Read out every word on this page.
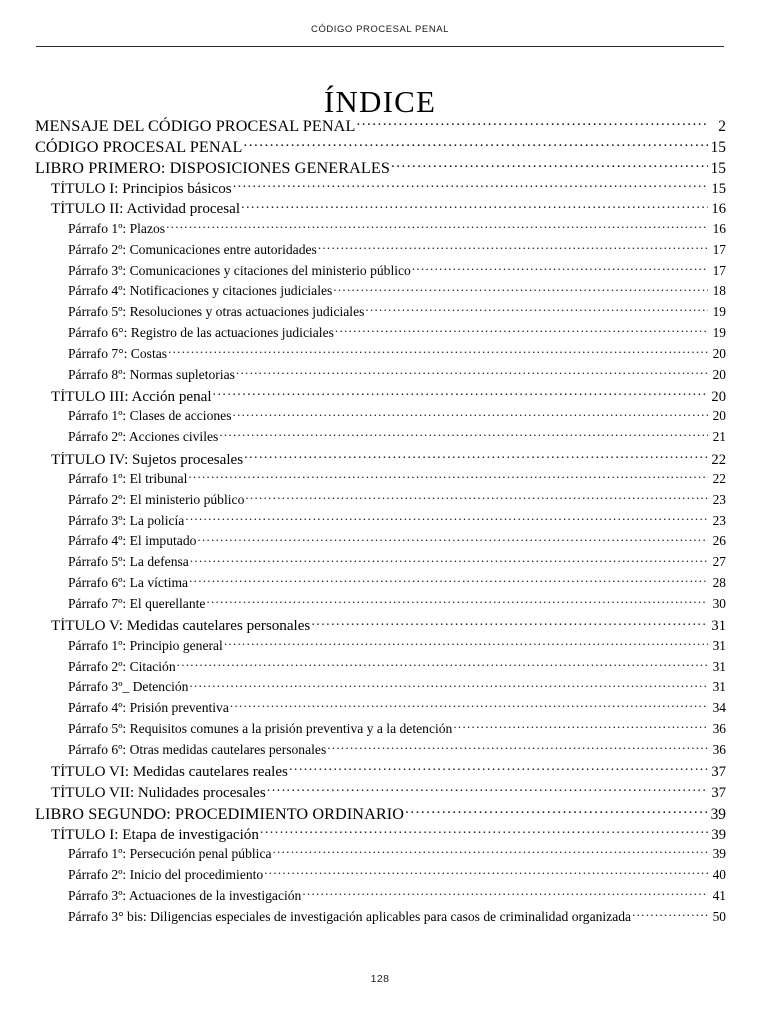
CÓDIGO PROCESAL PENAL
ÍNDICE
MENSAJE DEL CÓDIGO PROCESAL PENAL .....	2
CÓDIGO PROCESAL PENAL .....	15
LIBRO PRIMERO: DISPOSICIONES GENERALES .....	15
TÍTULO I: Principios básicos .....	15
TÍTULO II: Actividad procesal .....	16
Párrafo 1º: Plazos .....	16
Párrafo 2º: Comunicaciones entre autoridades .....	17
Párrafo 3º: Comunicaciones y citaciones del ministerio público .....	17
Párrafo 4º: Notificaciones y citaciones judiciales .....	18
Párrafo 5º: Resoluciones y otras actuaciones judiciales .....	19
Párrafo 6°: Registro de las actuaciones judiciales .....	19
Párrafo 7°: Costas .....	20
Párrafo 8º: Normas supletorias .....	20
TÍTULO III: Acción penal .....	20
Párrafo 1º: Clases de acciones .....	20
Párrafo 2º: Acciones civiles .....	21
TÍTULO IV: Sujetos procesales .....	22
Párrafo 1º: El tribunal .....	22
Párrafo 2º: El ministerio público .....	23
Párrafo 3º: La policía .....	23
Párrafo 4º: El imputado .....	26
Párrafo 5º: La defensa .....	27
Párrafo 6º: La víctima .....	28
Párrafo 7º: El querellante .....	30
TÍTULO V: Medidas cautelares personales .....	31
Párrafo 1º: Principio general .....	31
Párrafo 2º: Citación .....	31
Párrafo 3º_ Detención .....	31
Párrafo 4º: Prisión preventiva .....	34
Párrafo 5º: Requisitos comunes a la prisión preventiva y a la detención .....	36
Párrafo 6º: Otras medidas cautelares personales .....	36
TÍTULO VI: Medidas cautelares reales .....	37
TÍTULO VII: Nulidades procesales .....	37
LIBRO SEGUNDO: PROCEDIMIENTO ORDINARIO .....	39
TÍTULO I: Etapa de investigación .....	39
Párrafo 1º: Persecución penal pública .....	39
Párrafo 2º: Inicio del procedimiento .....	40
Párrafo 3º: Actuaciones de la investigación .....	41
Párrafo 3° bis: Diligencias especiales de investigación aplicables para casos de criminalidad organizada .....	50
128
